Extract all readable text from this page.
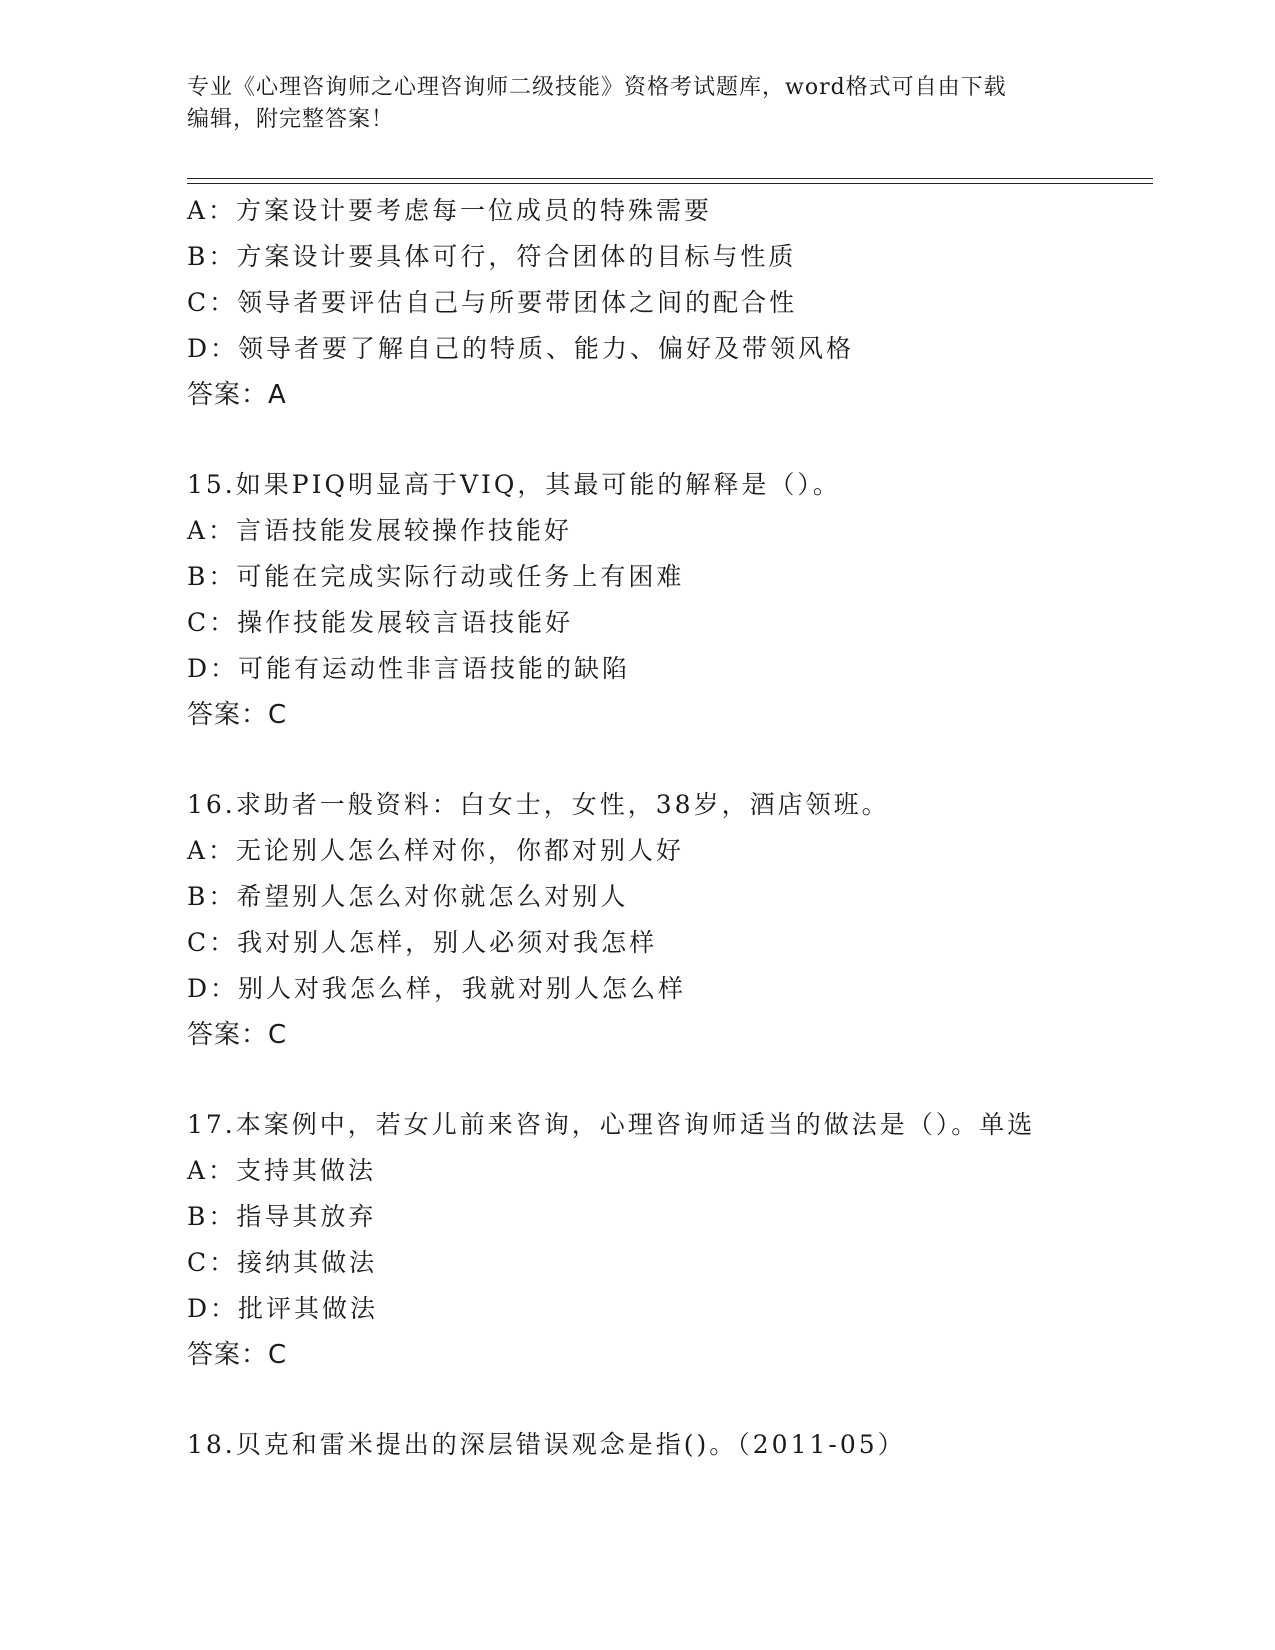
专业《心理咨询师之心理咨询师二级技能》资格考试题库，word格式可自由下载
编辑，附完整答案！
A：方案设计要考虑每一位成员的特殊需要
B：方案设计要具体可行，符合团体的目标与性质
C：领导者要评估自己与所要带团体之间的配合性
D：领导者要了解自己的特质、能力、偏好及带领风格
答案：A
15.如果PIQ明显高于VIQ，其最可能的解释是（）。
A：言语技能发展较操作技能好
B：可能在完成实际行动或任务上有困难
C：操作技能发展较言语技能好
D：可能有运动性非言语技能的缺陷
答案：C
16.求助者一般资料：白女士，女性，38岁，酒店领班。
A：无论别人怎么样对你，你都对别人好
B：希望别人怎么对你就怎么对别人
C：我对别人怎样，别人必须对我怎样
D：别人对我怎么样，我就对别人怎么样
答案：C
17.本案例中，若女儿前来咨询，心理咨询师适当的做法是（）。单选
A：支持其做法
B：指导其放弃
C：接纳其做法
D：批评其做法
答案：C
18.贝克和雷米提出的深层错误观念是指()。（2011-05）
